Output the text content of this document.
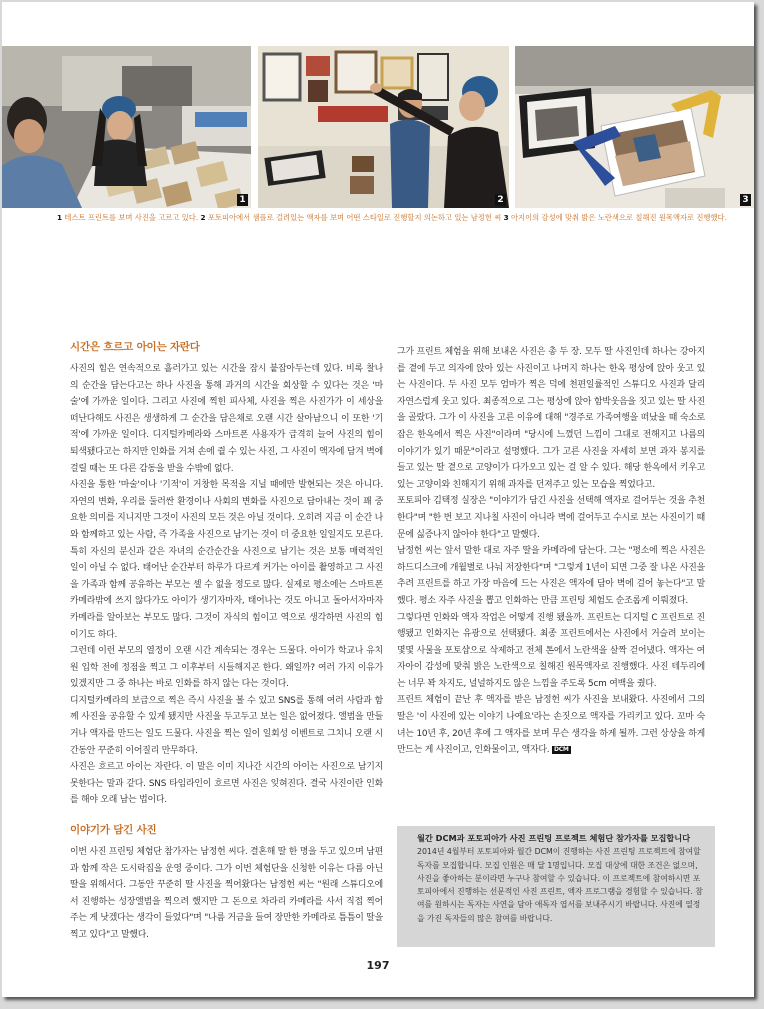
1	2	3
1 테스트 프린트를 보며 사진을 고르고 있다. 2 포토피아에서 샘플로 걸려있는 액자를 보며 어떤 스타일로 진행할지 의논하고 있는 남정헌 씨 3 아지이의 감성에 맞춰 밝은 노란색으로 칠해진 원목액자로 진행했다.
시간은 흐르고 아이는 자란다

사진의 힘은 연속적으로 흘러가고 있는 시간을 잠시 붙잡아두는데 있다. 비록 찰나의 순간을 담는다고는 하나 사진을 통해 과거의 시간을 회상할 수 있다는 것은 '마술'에 가까운 일이다. 그리고 사진에 찍힌 피사체, 사진을 찍은 사진가가 이 세상을 떠난다해도 사진은 생생하게 그 순간을 담은채로 오랜 시간 살아남으니 이 또한 '기적'에 가까운 일이다. 디지털카메라와 스마트폰 사용자가 급격히 늘어 사진의 힘이 퇴색됐다고는 하지만 인화를 거쳐 손에 쥘 수 있는 사진, 그 사진이 액자에 담겨 벽에 걸릴 때는 또 다른 감동을 받을 수밖에 없다.

사진을 통한 '마술'이나 '기적'이 거창한 목적을 지닐 때에만 발현되는 것은 아니다. 자연의 변화, 우리를 둘러싼 환경이나 사회의 변화를 사진으로 담아내는 것이 꽤 중요한 의미를 지니지만 그것이 사진의 모든 것은 아닐 것이다. 오히려 지금 이 순간 나와 함께하고 있는 사람, 즉 가족을 사진으로 남기는 것이 더 중요한 일일지도 모른다.

특히 자신의 분신과 같은 자녀의 순간순간을 사진으로 남기는 것은 보통 매력적인 일이 아닐 수 없다. 태어난 순간부터 하루가 다르게 커가는 아이를 촬영하고 그 사진을 가족과 함께 공유하는 부모는 셀 수 없을 정도로 많다. 실제로 평소에는 스마트폰 카메라밖에 쓰지 않다가도 아이가 생기자마자, 태어나는 것도 아니고 돌아서자마자 카메라를 알아보는 부모도 많다. 그것이 자식의 힘이고 역으로 생각하면 사진의 힘이기도 하다.

그런데 이런 부모의 열정이 오랜 시간 계속되는 경우는 드물다. 아이가 학교나 유치원 입학 전에 정점을 찍고 그 이후부터 시들해지곤 한다. 왜일까? 여러 가지 이유가 있겠지만 그 중 하나는 바로 인화를 하지 않는 다는 것이다.

디지털카메라의 보급으로 찍은 즉시 사진을 볼 수 있고 SNS를 통해 여러 사람과 함께 사진을 공유할 수 있게 됐지만 사진을 두고두고 보는 일은 없어졌다. 앨범을 만들거나 액자를 만드는 일도 드물다. 사진을 찍는 일이 일회성 이벤트로 그치니 오랜 시간동안 꾸준히 이어질리 만무하다.

사진은 흐르고 아이는 자란다. 이 말은 이미 지나간 시간의 아이는 사진으로 남기지 못한다는 말과 같다. SNS 타임라인이 흐르면 사진은 잊혀진다. 결국 사진이란 인화를 해야 오래 남는 법이다.

이야기가 담긴 사진

이번 사진 프린팅 체험단 참가자는 남정헌 씨다. 결혼해 딸 한 명을 두고 있으며 남편과 함께 작은 도시락집을 운영 중이다. 그가 이번 체험단을 신청한 이유는 다름 아닌 딸을 위해서다. 그동안 꾸준히 딸 사진을 찍어왔다는 남정헌 씨는 "원래 스튜디오에서 진행하는 성장앨범을 찍으려 했지만 그 돈으로 차라리 카메라를 사서 직접 찍어주는 게 낫겠다는 생각이 들었다"며 "나름 거금을 들여 장만한 카메라로 틈틈이 딸을 찍고 있다"고 말했다.

그가 프린트 체험을 위해 보내온 사진은 총 두 장. 모두 딸 사진인데 하나는 강아지를 곁에 두고 의자에 앉아 있는 사진이고 나머지 하나는 한옥 평상에 앉아 웃고 있는 사진이다. 두 사진 모두 엄마가 찍은 덕에 천편일률적인 스튜디오 사진과 달리 자연스럽게 웃고 있다. 최종적으로 그는 평상에 앉아 함박웃음을 짓고 있는 딸 사진을 골랐다. 그가 이 사진을 고른 이유에 대해 "경주로 가족여행을 떠났을 때 숙소로 잡은 한옥에서 찍은 사진"이라며 "당시에 느꼈던 느낌이 그대로 전해지고 나름의 이야기가 있기 때문"이라고 설명했다. 그가 고른 사진을 자세히 보면 과자 봉지를 들고 있는 딸 곁으로 고양이가 다가오고 있는 걸 알 수 있다. 해당 한옥에서 키우고 있는 고양이와 친해지기 위해 과자를 던져주고 있는 모습을 찍었다고.

포토피아 김택정 실장은 "이야기가 담긴 사진을 선택해 액자로 걸어두는 것을 추천한다"며 "한 번 보고 지나칠 사진이 아니라 벽에 걸어두고 수시로 보는 사진이기 때문에 싫증나지 않아야 한다"고 말했다.

남정헌 씨는 앞서 말한 대로 자주 딸을 카메라에 담는다. 그는 "평소에 찍은 사진은 하드디스크에 개월별로 나눠 저장한다"며 "그렇게 1년이 되면 그중 잘 나온 사진을 추려 프린트를 하고 가장 마음에 드는 사진은 액자에 담아 벽에 걸어 놓는다"고 말했다. 평소 자주 사진을 뽑고 인화하는 만큼 프린팅 체험도 순조롭게 이뤄졌다.

그렇다면 인화와 액자 작업은 어떻게 진행 됐을까. 프린트는 디지털 C 프린트로 진행됐고 인화지는 유광으로 선택됐다. 최종 프린트에서는 사진에서 거슬려 보이는 몇몇 사물을 포토샵으로 삭제하고 전체 톤에서 노란색을 살짝 걷어냈다. 액자는 여자아이 감성에 맞춰 밝은 노란색으로 칠해진 원목액자로 진행했다. 사진 테두리에는 너무 꽉 차지도, 널널하지도 않은 느낌을 주도록 5cm 여백을 줬다.

프린트 체험이 끝난 후 액자를 받은 남정헌 씨가 사진을 보내왔다. 사진에서 그의 딸은 '이 사진에 있는 이야기 나예요'라는 손짓으로 액자를 가리키고 있다. 꼬마 숙녀는 10년 후, 20년 후에 그 액자를 보며 무슨 생각을 하게 될까. 그런 상상을 하게 만드는 게 사진이고, 인화물이고, 액자다. DCM

월간 DCM과 포토피아가 사진 프린팅 프로젝트 체험단 참가자를 모집합니다
2014년 4월부터 포토피아와 월간 DCM이 진행하는 사진 프린팅 프로젝트에 참여할 독자를 모집합니다. 모집 인원은 매 달 1명입니다. 모집 대상에 대한 조건은 없으며, 사진을 좋아하는 분이라면 누구나 참여할 수 있습니다. 이 프로젝트에 참여하시면 포토피아에서 진행하는 선문적인 사진 프린트, 액자 프로그램을 경험할 수 있습니다. 참여를 원하시는 독자는 사연을 담아 애독자 엽서를 보내주시기 바랍니다. 사진에 열정을 가진 독자들의 많은 참여를 바랍니다.
197
